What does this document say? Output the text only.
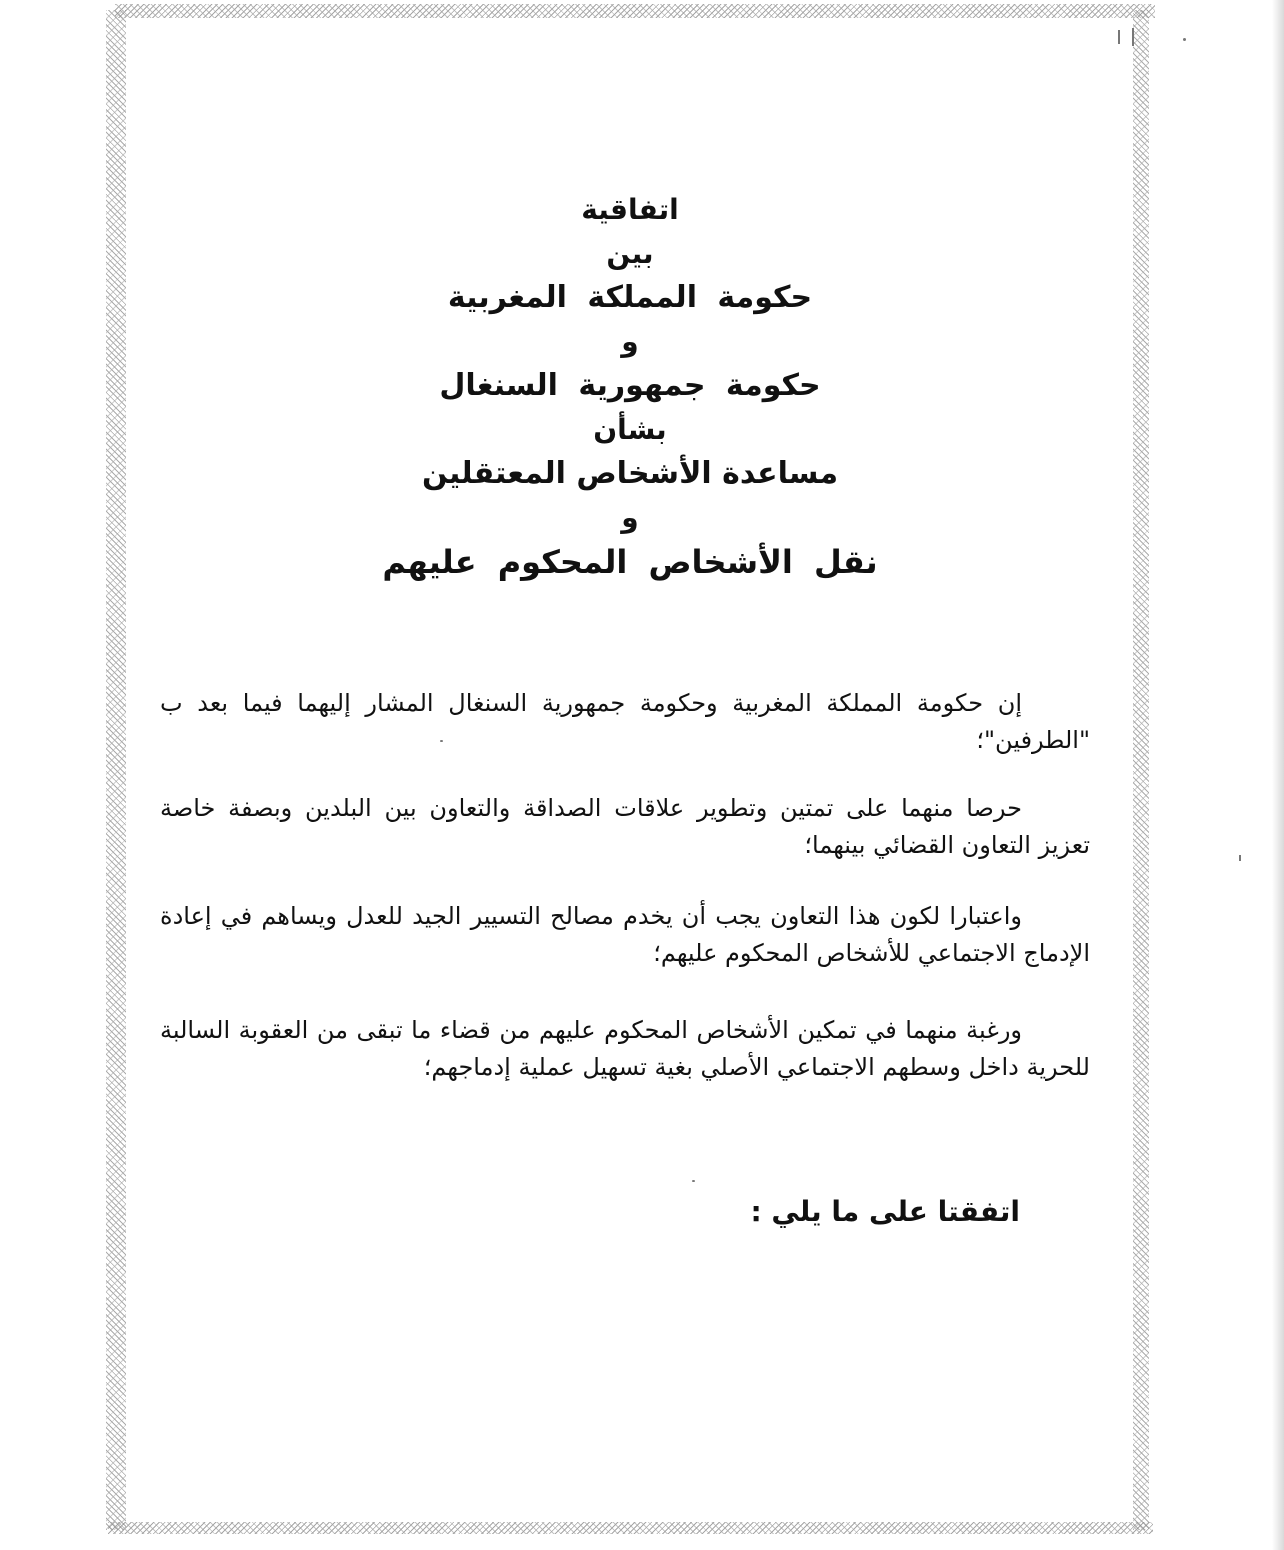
اتفاقية
بين
حكومة المملكة المغربية
و
حكومة جمهورية السنغال
بشأن
مساعدة الأشخاص المعتقلين
و
نقل الأشخاص المحكوم عليهم
إن حكومة المملكة المغربية وحكومة جمهورية السنغال المشار إليهما فيما بعد ب "الطرفين"؛
حرصا منهما على تمتين وتطوير علاقات الصداقة والتعاون بين البلدين وبصفة خاصة تعزيز التعاون القضائي بينهما؛
واعتبارا لكون هذا التعاون يجب أن يخدم مصالح التسيير الجيد للعدل ويساهم في إعادة الإدماج الاجتماعي للأشخاص المحكوم عليهم؛
ورغبة منهما في تمكين الأشخاص المحكوم عليهم من قضاء ما تبقى من العقوبة السالبة للحرية داخل وسطهم الاجتماعي الأصلي بغية تسهيل عملية إدماجهم؛
اتفقتا على ما يلي :
